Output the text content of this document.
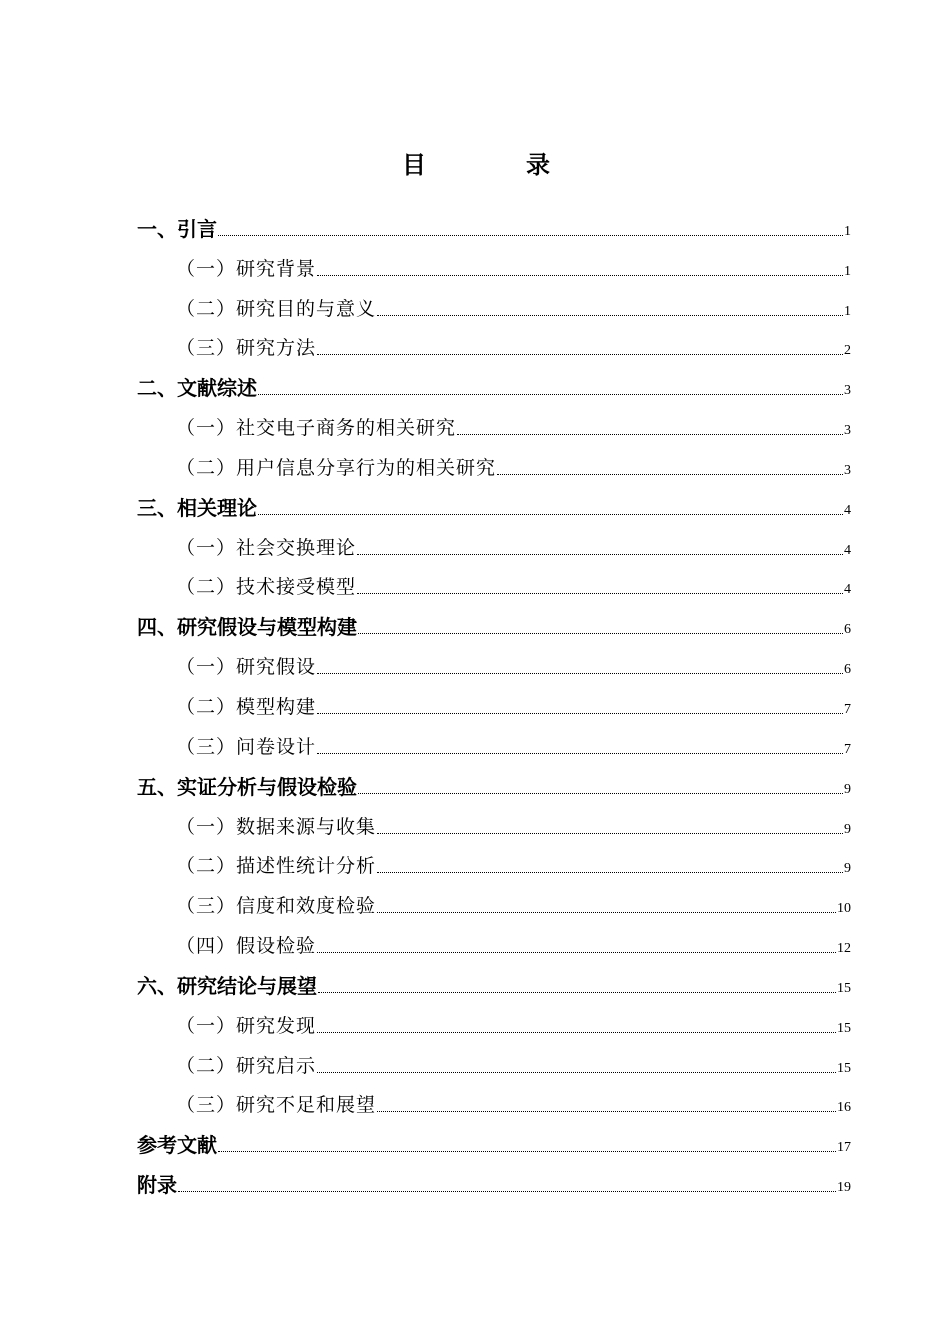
目　录
一、引言	1
（一）研究背景	1
（二）研究目的与意义	1
（三）研究方法	2
二、文献综述	3
（一）社交电子商务的相关研究	3
（二）用户信息分享行为的相关研究	3
三、相关理论	4
（一）社会交换理论	4
（二）技术接受模型	4
四、研究假设与模型构建	6
（一）研究假设	6
（二）模型构建	7
（三）问卷设计	7
五、实证分析与假设检验	9
（一）数据来源与收集	9
（二）描述性统计分析	9
（三）信度和效度检验	10
（四）假设检验	12
六、研究结论与展望	15
（一）研究发现	15
（二）研究启示	15
（三）研究不足和展望	16
参考文献	17
附录	19
